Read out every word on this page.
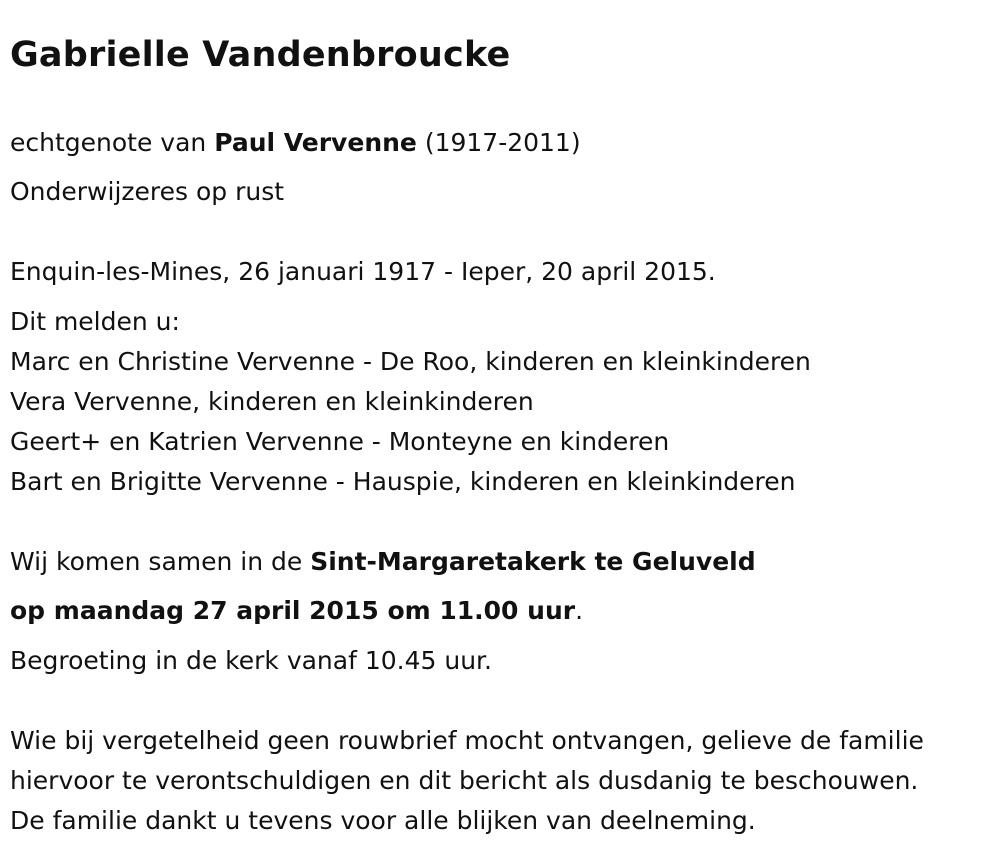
Gabrielle Vandenbroucke
echtgenote van Paul Vervenne (1917-2011)
Onderwijzeres op rust
Enquin-les-Mines, 26 januari 1917 - Ieper, 20 april 2015.
Dit melden u:
Marc en Christine Vervenne - De Roo, kinderen en kleinkinderen
Vera Vervenne, kinderen en kleinkinderen
Geert+ en Katrien Vervenne - Monteyne en kinderen
Bart en Brigitte Vervenne - Hauspie, kinderen en kleinkinderen
Wij komen samen in de Sint-Margaretakerk te Geluveld
op maandag 27 april 2015 om 11.00 uur.
Begroeting in de kerk vanaf 10.45 uur.
Wie bij vergetelheid geen rouwbrief mocht ontvangen, gelieve de familie
hiervoor te verontschuldigen en dit bericht als dusdanig te beschouwen.
De familie dankt u tevens voor alle blijken van deelneming.
